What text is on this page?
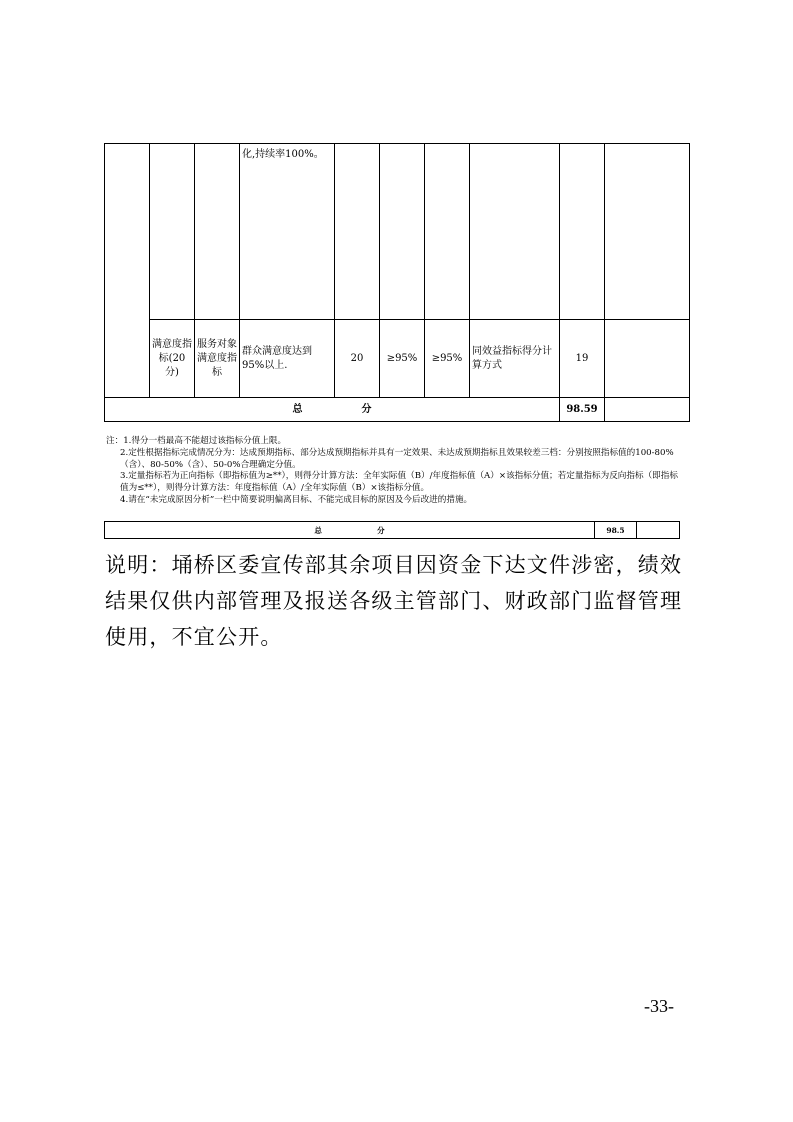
			化,持续率100%。						
	满意度指标(20分)	服务对象满意度指标	群众满意度达到95%以上.	20	≥95%	≥95%	同效益指标得分计算方式	19	
总 分								98.59	

注：1.得分一档最高不能超过该指标分值上限。

2.定性根据指标完成情况分为：达成预期指标、部分达成预期指标并具有一定效果、未达成预期指标且效果较差三档：分别按照指标值的100-80%（含）、80-50%（含）、50-0%合理确定分值。

3.定量指标若为正向指标（即指标值为≥**），则得分计算方法：全年实际值（B）/年度指标值（A）×该指标分值；若定量指标为反向指标（即指标值为≤**），则得分计算方法：年度指标值（A）/全年实际值（B）×该指标分值。

4.请在“未完成原因分析”一栏中简要说明偏离目标、不能完成目标的原因及今后改进的措施。

总	分	98.5	

说明：埇桥区委宣传部其余项目因资金下达文件涉密，绩效结果仅供内部管理及报送各级主管部门、财政部门监督管理使用，不宜公开。

-33-
